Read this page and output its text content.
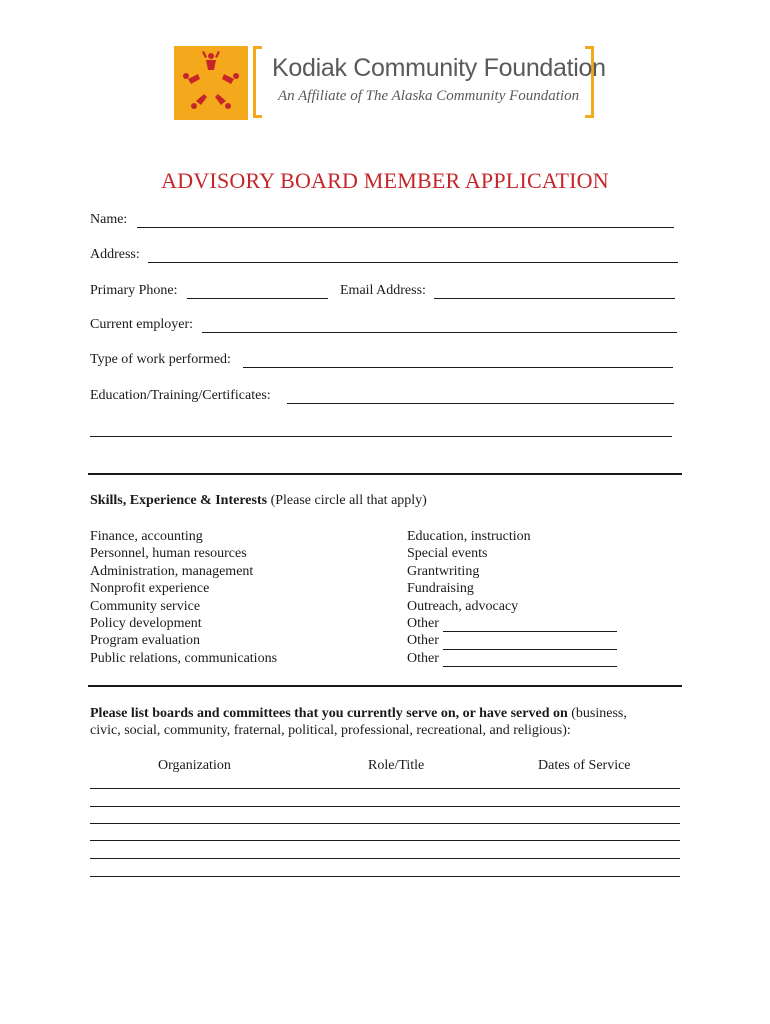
Kodiak Community Foundation
An Affiliate of The Alaska Community Foundation
ADVISORY BOARD MEMBER APPLICATION
Name:
Address:
Primary Phone:	Email Address:
Current employer:
Type of work performed:
Education/Training/Certificates:
Skills, Experience & Interests (Please circle all that apply)
Finance, accounting
Personnel, human resources
Administration, management
Nonprofit experience
Community service
Policy development
Program evaluation
Public relations, communications
Education, instruction
Special events
Grantwriting
Fundraising
Outreach, advocacy
Other
Other
Other
Please list boards and committees that you currently serve on, or have served on (business,
civic, social, community, fraternal, political, professional, recreational, and religious):
Organization	Role/Title	Dates of Service
